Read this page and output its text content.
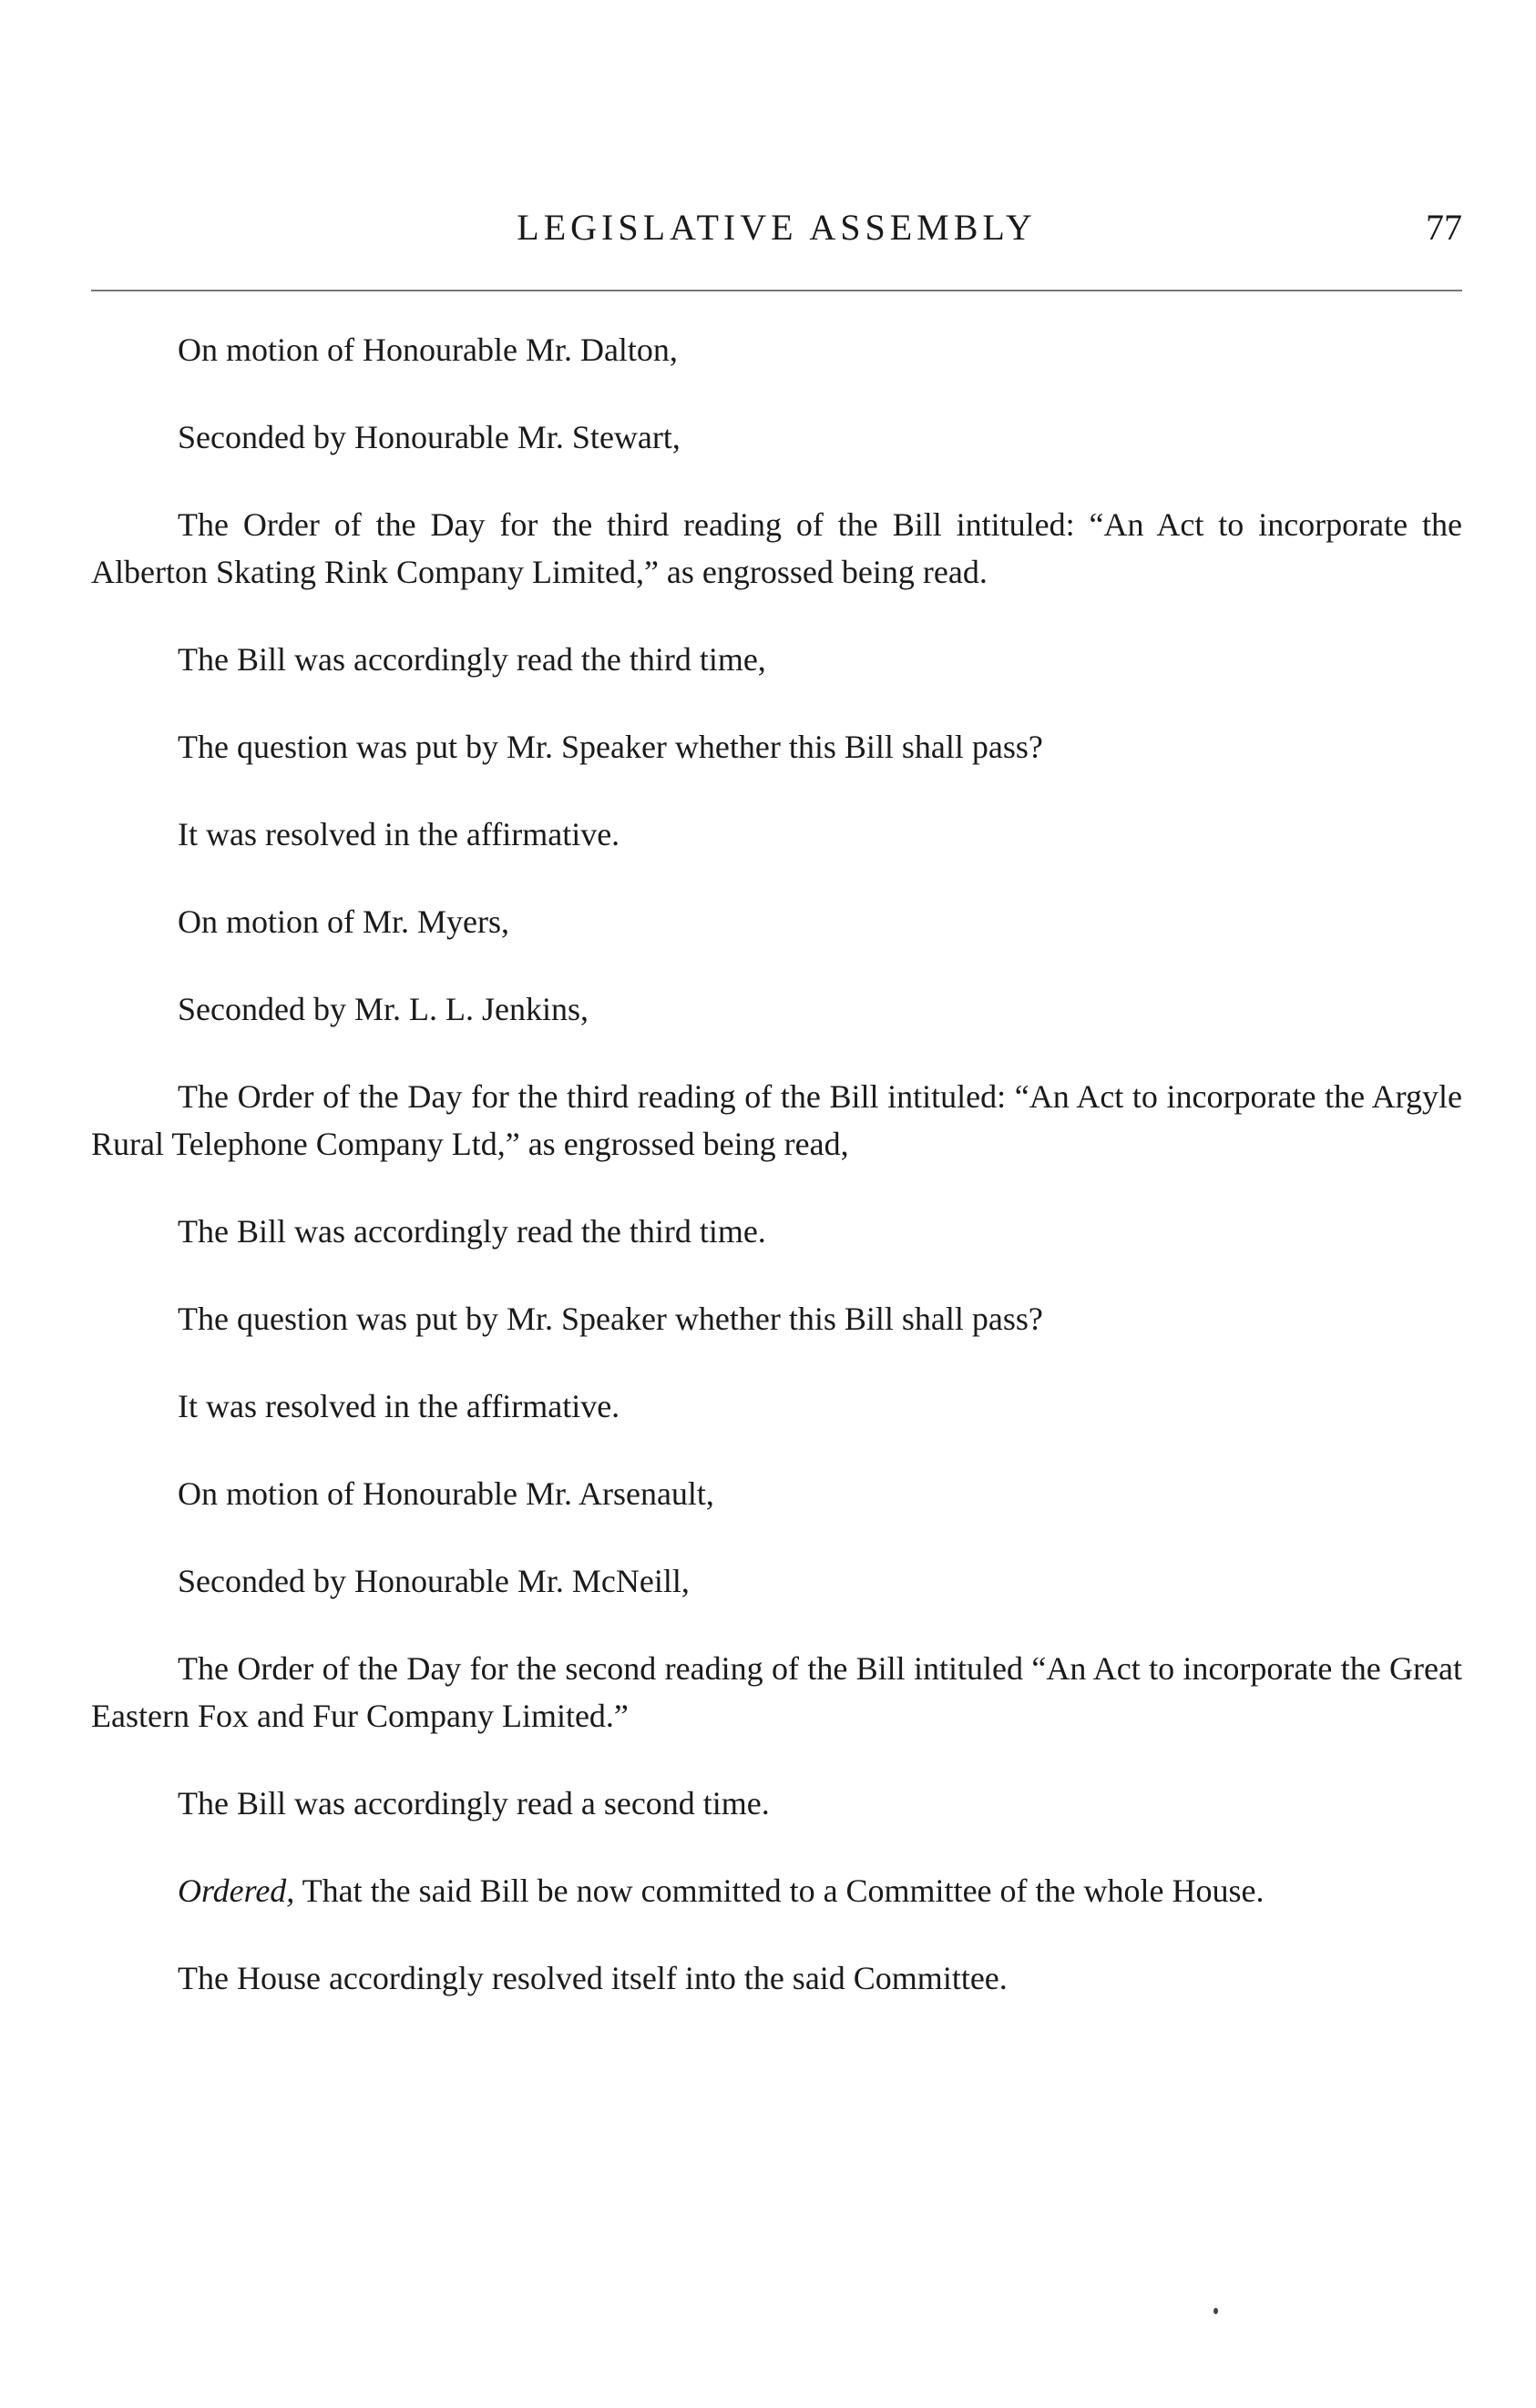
LEGISLATIVE ASSEMBLY	77

On motion of Honourable Mr. Dalton,

Seconded by Honourable Mr. Stewart,

The Order of the Day for the third reading of the Bill intituled: “An Act to incorporate the Alberton Skating Rink Company Limited,” as engrossed being read.

The Bill was accordingly read the third time,

The question was put by Mr. Speaker whether this Bill shall pass?

It was resolved in the affirmative.

On motion of Mr. Myers,

Seconded by Mr. L. L. Jenkins,

The Order of the Day for the third reading of the Bill intituled: “An Act to incorporate the Argyle Rural Telephone Company Ltd,” as engrossed being read,

The Bill was accordingly read the third time.

The question was put by Mr. Speaker whether this Bill shall pass?

It was resolved in the affirmative.

On motion of Honourable Mr. Arsenault,

Seconded by Honourable Mr. McNeill,

The Order of the Day for the second reading of the Bill intituled “An Act to incorporate the Great Eastern Fox and Fur Company Limited.”

The Bill was accordingly read a second time.

Ordered, That the said Bill be now committed to a Committee of the whole House.

The House accordingly resolved itself into the said Committee.
